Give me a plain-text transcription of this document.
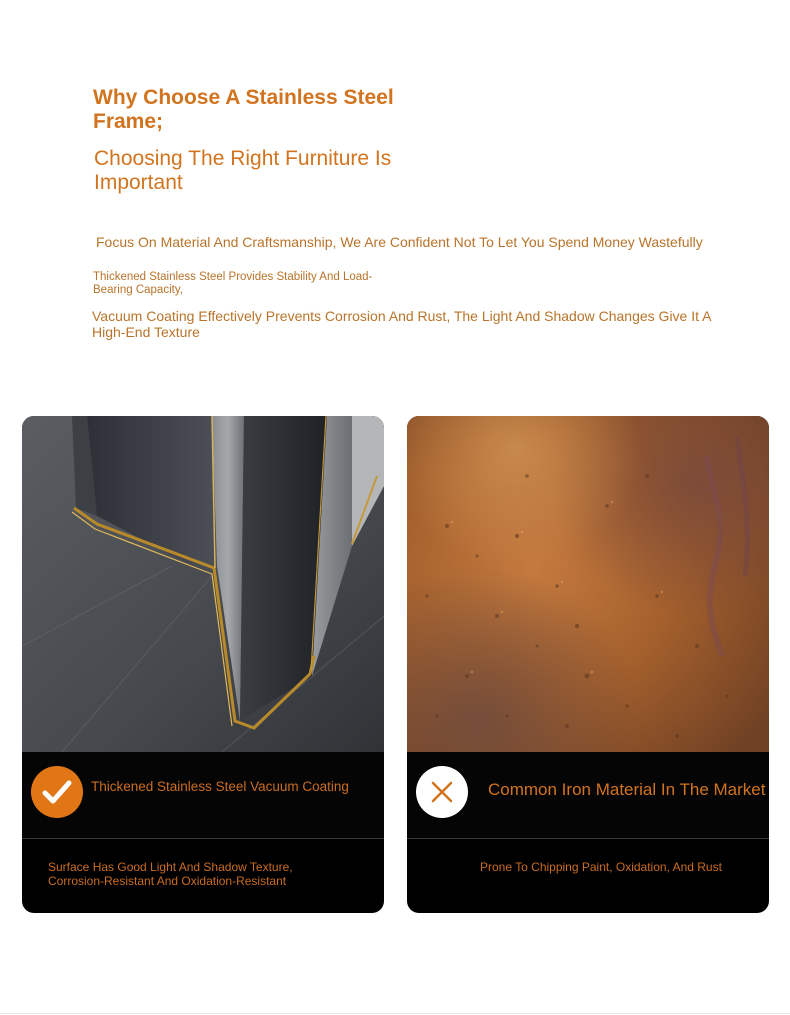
Why Choose A Stainless Steel Frame;
Choosing The Right Furniture Is Important
Focus On Material And Craftsmanship, We Are Confident Not To Let You Spend Money Wastefully
Thickened Stainless Steel Provides Stability And Load-Bearing Capacity,
Vacuum Coating Effectively Prevents Corrosion And Rust, The Light And Shadow Changes Give It A High-End Texture
Thickened Stainless Steel Vacuum Coating
Surface Has Good Light And Shadow Texture, Corrosion-Resistant And Oxidation-Resistant
Common Iron Material In The Market
Prone To Chipping Paint, Oxidation, And Rust
